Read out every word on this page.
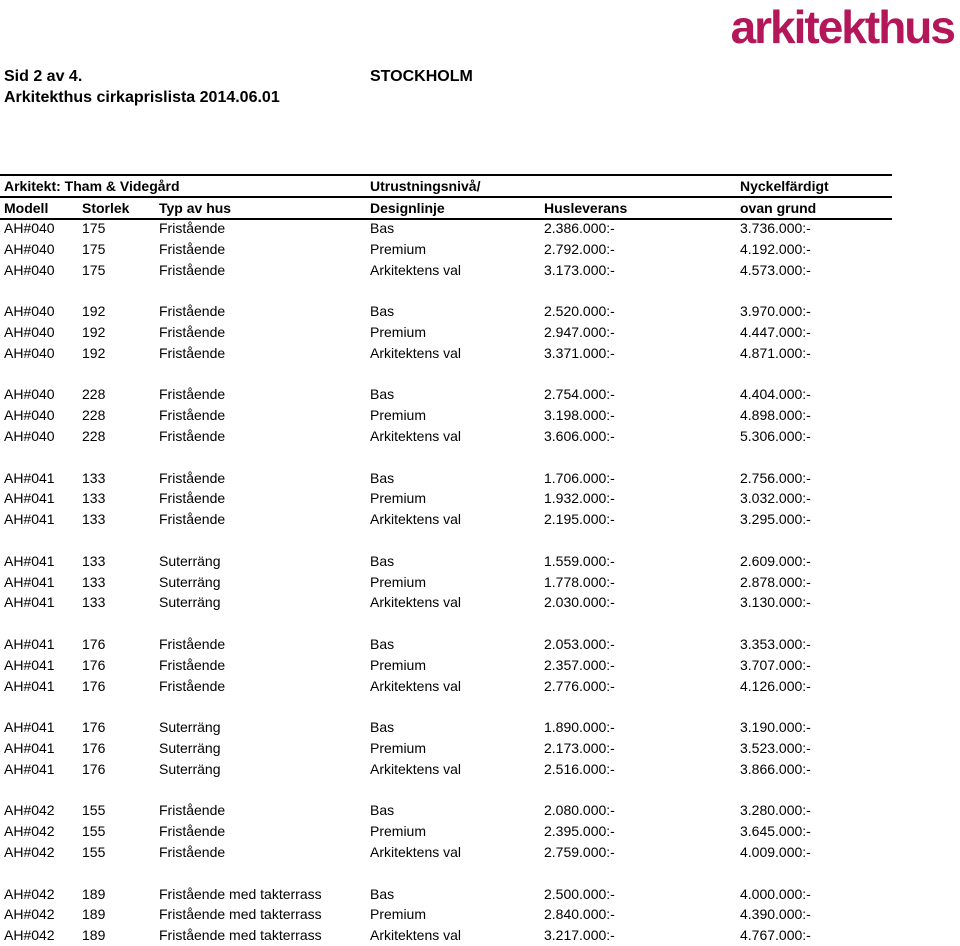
arkitekthus
Sid 2 av 4.
Arkitekthus cirkaprislista 2014.06.01
STOCKHOLM
Arkitekt: Tham & Videgård	Utrustningsnivå/	Nyckelfärdigt
Modell Storlek Typ av hus	Designlinje	Husleverans	ovan grund
AH#040 175	Fristående	Bas	2.386.000:-	3.736.000:-
AH#040 175	Fristående	Premium	2.792.000:-	4.192.000:-
AH#040 175	Fristående	Arkitektens val	3.173.000:-	4.573.000:-
AH#040 192	Fristående	Bas	2.520.000:-	3.970.000:-
AH#040 192	Fristående	Premium	2.947.000:-	4.447.000:-
AH#040 192	Fristående	Arkitektens val	3.371.000:-	4.871.000:-
AH#040 228	Fristående	Bas	2.754.000:-	4.404.000:-
AH#040 228	Fristående	Premium	3.198.000:-	4.898.000:-
AH#040 228	Fristående	Arkitektens val	3.606.000:-	5.306.000:-
AH#041 133	Fristående	Bas	1.706.000:-	2.756.000:-
AH#041 133	Fristående	Premium	1.932.000:-	3.032.000:-
AH#041 133	Fristående	Arkitektens val	2.195.000:-	3.295.000:-
AH#041 133	Suterräng	Bas	1.559.000:-	2.609.000:-
AH#041 133	Suterräng	Premium	1.778.000:-	2.878.000:-
AH#041 133	Suterräng	Arkitektens val	2.030.000:-	3.130.000:-
AH#041 176	Fristående	Bas	2.053.000:-	3.353.000:-
AH#041 176	Fristående	Premium	2.357.000:-	3.707.000:-
AH#041 176	Fristående	Arkitektens val	2.776.000:-	4.126.000:-
AH#041 176	Suterräng	Bas	1.890.000:-	3.190.000:-
AH#041 176	Suterräng	Premium	2.173.000:-	3.523.000:-
AH#041 176	Suterräng	Arkitektens val	2.516.000:-	3.866.000:-
AH#042 155	Fristående	Bas	2.080.000:-	3.280.000:-
AH#042 155	Fristående	Premium	2.395.000:-	3.645.000:-
AH#042 155	Fristående	Arkitektens val	2.759.000:-	4.009.000:-
AH#042 189	Fristående med takterrass	Bas	2.500.000:-	4.000.000:-
AH#042 189	Fristående med takterrass	Premium	2.840.000:-	4.390.000:-
AH#042 189	Fristående med takterrass	Arkitektens val	3.217.000:-	4.767.000:-
